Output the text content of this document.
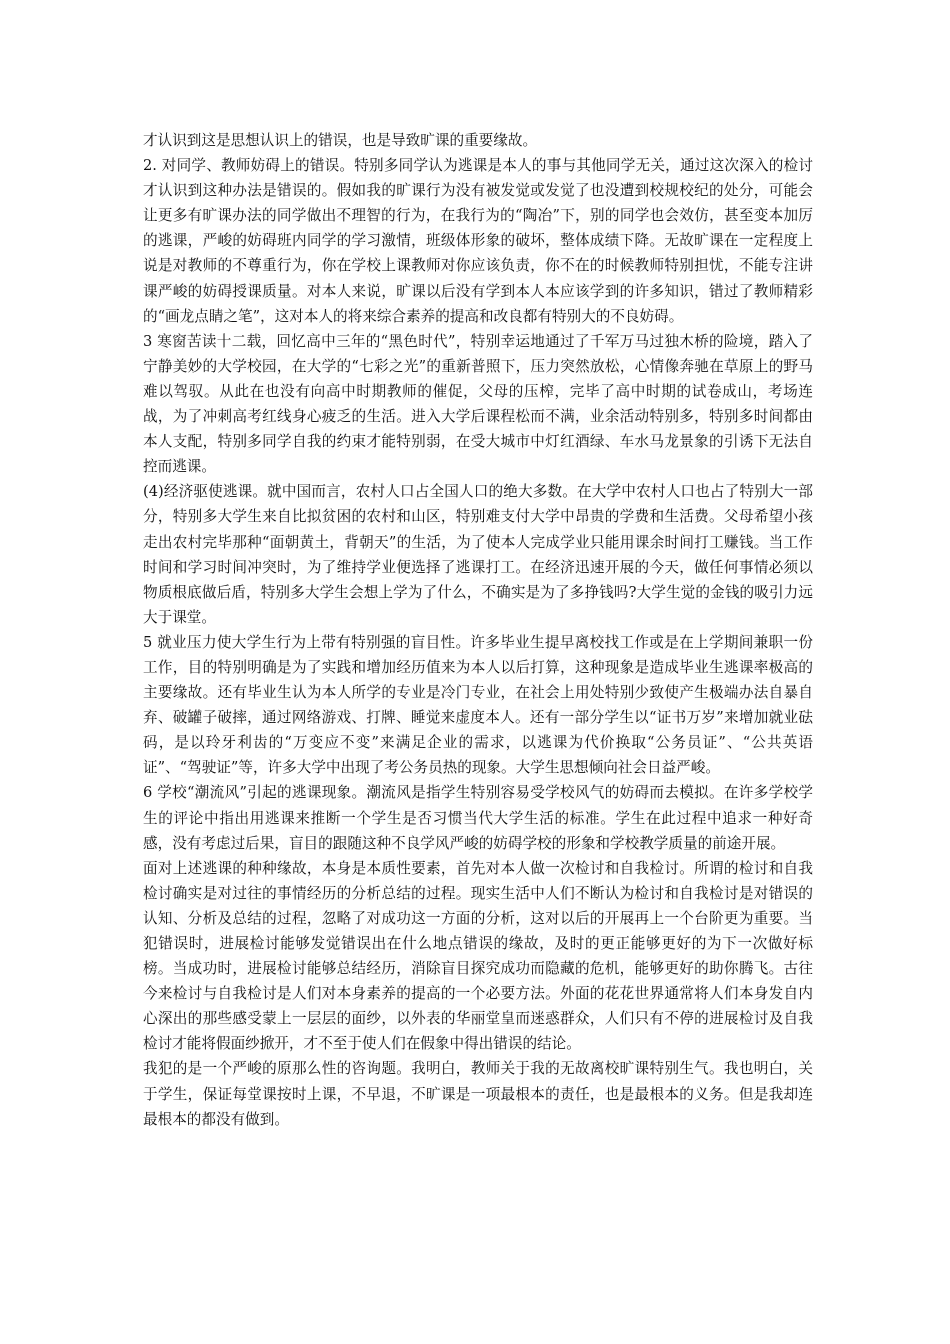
才认识到这是思想认识上的错误，也是导致旷课的重要缘故。

2. 对同学、教师妨碍上的错误。特别多同学认为逃课是本人的事与其他同学无关，通过这次深入的检讨才认识到这种办法是错误的。假如我的旷课行为没有被发觉或发觉了也没遭到校规校纪的处分，可能会让更多有旷课办法的同学做出不理智的行为，在我行为的“陶冶”下，别的同学也会效仿，甚至变本加厉的逃课，严峻的妨碍班内同学的学习激情，班级体形象的破坏，整体成绩下降。无故旷课在一定程度上说是对教师的不尊重行为，你在学校上课教师对你应该负责，你不在的时候教师特别担忧，不能专注讲课严峻的妨碍授课质量。对本人来说，旷课以后没有学到本人本应该学到的许多知识，错过了教师精彩的“画龙点睛之笔”，这对本人的将来综合素养的提高和改良都有特别大的不良妨碍。

3 寒窗苦读十二载，回忆高中三年的“黑色时代”，特别幸运地通过了千军万马过独木桥的险境，踏入了宁静美妙的大学校园，在大学的“七彩之光”的重新普照下，压力突然放松，心情像奔驰在草原上的野马难以驾驭。从此在也没有向高中时期教师的催促，父母的压榨，完毕了高中时期的试卷成山，考场连战，为了冲刺高考红线身心疲乏的生活。进入大学后课程松而不满，业余活动特别多，特别多时间都由本人支配，特别多同学自我的约束才能特别弱，在受大城市中灯红酒绿、车水马龙景象的引诱下无法自控而逃课。

(4)经济驱使逃课。就中国而言，农村人口占全国人口的绝大多数。在大学中农村人口也占了特别大一部分，特别多大学生来自比拟贫困的农村和山区，特别难支付大学中昂贵的学费和生活费。父母希望小孩走出农村完毕那种“面朝黄土，背朝天”的生活，为了使本人完成学业只能用课余时间打工赚钱。当工作时间和学习时间冲突时，为了维持学业便选择了逃课打工。在经济迅速开展的今天，做任何事情必须以物质根底做后盾，特别多大学生会想上学为了什么，不确实是为了多挣钱吗?大学生觉的金钱的吸引力远大于课堂。

5 就业压力使大学生行为上带有特别强的盲目性。许多毕业生提早离校找工作或是在上学期间兼职一份工作，目的特别明确是为了实践和增加经历值来为本人以后打算，这种现象是造成毕业生逃课率极高的主要缘故。还有毕业生认为本人所学的专业是冷门专业，在社会上用处特别少致使产生极端办法自暴自弃、破罐子破摔，通过网络游戏、打牌、睡觉来虚度本人。还有一部分学生以“证书万岁”来增加就业砝码，是以玲牙利齿的“万变应不变”来满足企业的需求，以逃课为代价换取“公务员证”、“公共英语证”、“驾驶证”等，许多大学中出现了考公务员热的现象。大学生思想倾向社会日益严峻。

6 学校“潮流风”引起的逃课现象。潮流风是指学生特别容易受学校风气的妨碍而去模拟。在许多学校学生的评论中指出用逃课来推断一个学生是否习惯当代大学生活的标准。学生在此过程中追求一种好奇感，没有考虑过后果，盲目的跟随这种不良学风严峻的妨碍学校的形象和学校教学质量的前途开展。

面对上述逃课的种种缘故，本身是本质性要素，首先对本人做一次检讨和自我检讨。所谓的检讨和自我检讨确实是对过往的事情经历的分析总结的过程。现实生活中人们不断认为检讨和自我检讨是对错误的认知、分析及总结的过程，忽略了对成功这一方面的分析，这对以后的开展再上一个台阶更为重要。当犯错误时，进展检讨能够发觉错误出在什么地点错误的缘故，及时的更正能够更好的为下一次做好标榜。当成功时，进展检讨能够总结经历，消除盲目探究成功而隐藏的危机，能够更好的助你腾飞。古往今来检讨与自我检讨是人们对本身素养的提高的一个必要方法。外面的花花世界通常将人们本身发自内心深出的那些感受蒙上一层层的面纱，以外表的华丽堂皇而迷惑群众，人们只有不停的进展检讨及自我检讨才能将假面纱掀开，才不至于使人们在假象中得出错误的结论。

我犯的是一个严峻的原那么性的咨询题。我明白，教师关于我的无故离校旷课特别生气。我也明白，关于学生，保证每堂课按时上课，不早退，不旷课是一项最根本的责任，也是最根本的义务。但是我却连最根本的都没有做到。
